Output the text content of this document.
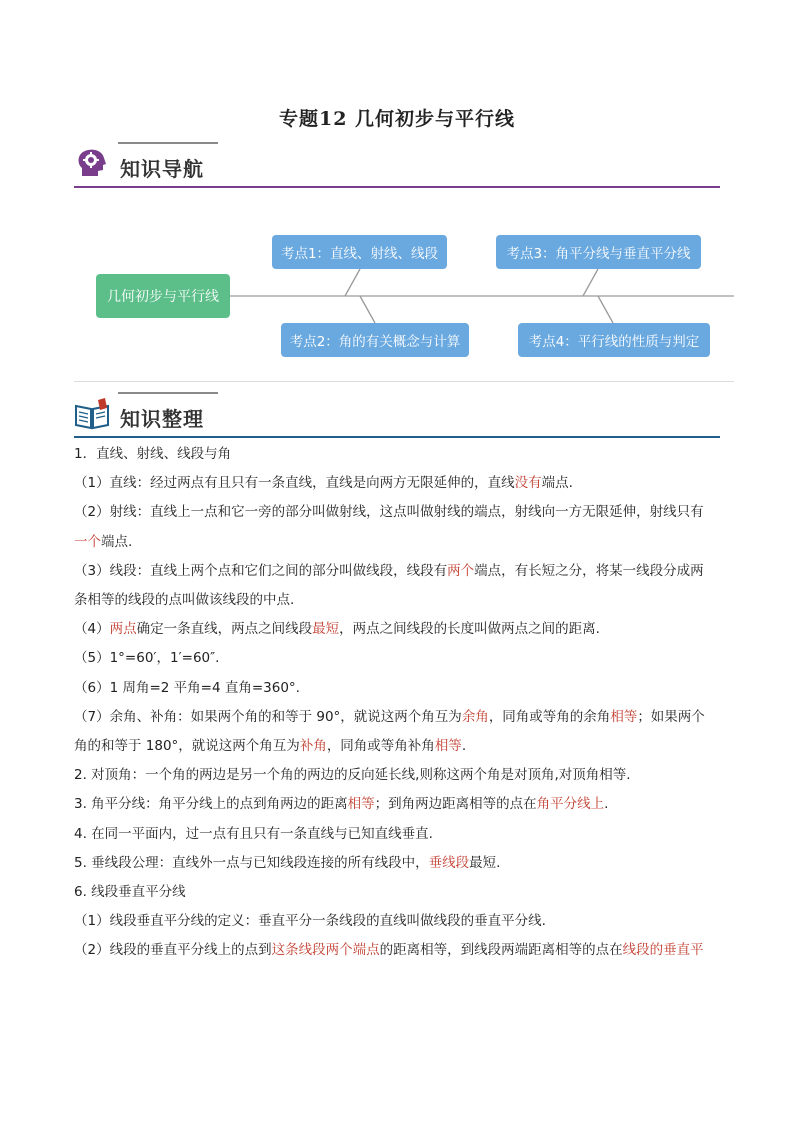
专题12 几何初步与平行线
知识导航
几何初步与平行线
考点1：直线、射线、线段
考点2：角的有关概念与计算
考点3：角平分线与垂直平分线
考点4：平行线的性质与判定
知识整理

1．直线、射线、线段与角

（1）直线：经过两点有且只有一条直线，直线是向两方无限延伸的，直线没有端点.

（2）射线：直线上一点和它一旁的部分叫做射线，这点叫做射线的端点，射线向一方无限延伸，射线只有

一个端点.

（3）线段：直线上两个点和它们之间的部分叫做线段，线段有两个端点，有长短之分，将某一线段分成两

条相等的线段的点叫做该线段的中点.

（4）两点确定一条直线，两点之间线段最短，两点之间线段的长度叫做两点之间的距离.

（5）1°=60′，1′=60″.

（6）1 周角=2 平角=4 直角=360°.

（7）余角、补角：如果两个角的和等于 90°，就说这两个角互为余角，同角或等角的余角相等；如果两个

角的和等于 180°，就说这两个角互为补角，同角或等角补角相等.

2. 对顶角：一个角的两边是另一个角的两边的反向延长线,则称这两个角是对顶角,对顶角相等.

3. 角平分线：角平分线上的点到角两边的距离相等；到角两边距离相等的点在角平分线上.

4. 在同一平面内，过一点有且只有一条直线与已知直线垂直.

5. 垂线段公理：直线外一点与已知线段连接的所有线段中，垂线段最短.

6. 线段垂直平分线

（1）线段垂直平分线的定义：垂直平分一条线段的直线叫做线段的垂直平分线.

（2）线段的垂直平分线上的点到这条线段两个端点的距离相等，到线段两端距离相等的点在线段的垂直平
